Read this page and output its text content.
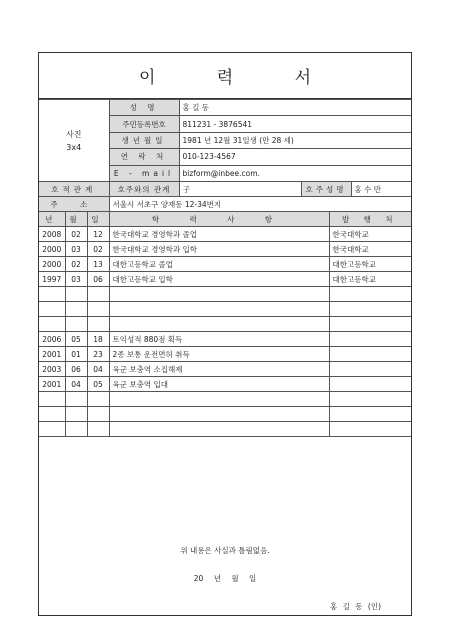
이 력 서
사진
3x4	성 명	홍 길 동
	주민등록번호	811231 - 3876541
	생년월일	1981 년 12월 31일생 (만 28 세)
	연 락 처	010-123-4567
	E - mail	bizform@inbee.com.
호적관계	호주와의 관계	子	호주성명	홍 수 만
주 소	서울시 서초구 양재동 12-34번지			
년	월	일	학 력 사 항	발 행 처
2008	02	12	한국대학교 경영학과 졸업	한국대학교
2000	03	02	한국대학교 경영학과 입학	한국대학교
2000	02	13	대한고등학교 졸업	대한고등학교
1997	03	06	대한고등학교 입학	대한고등학교

2006	05	18	토익성적 880점 획득	
2001	01	23	2종 보통 운전면허 취득	
2003	06	04	육군 보충역 소집해제	
2001	04	05	육군 보충역 입대	

위 내용은 사실과 틀림없음.
20 년 월 일
홍 길 동 (인)
